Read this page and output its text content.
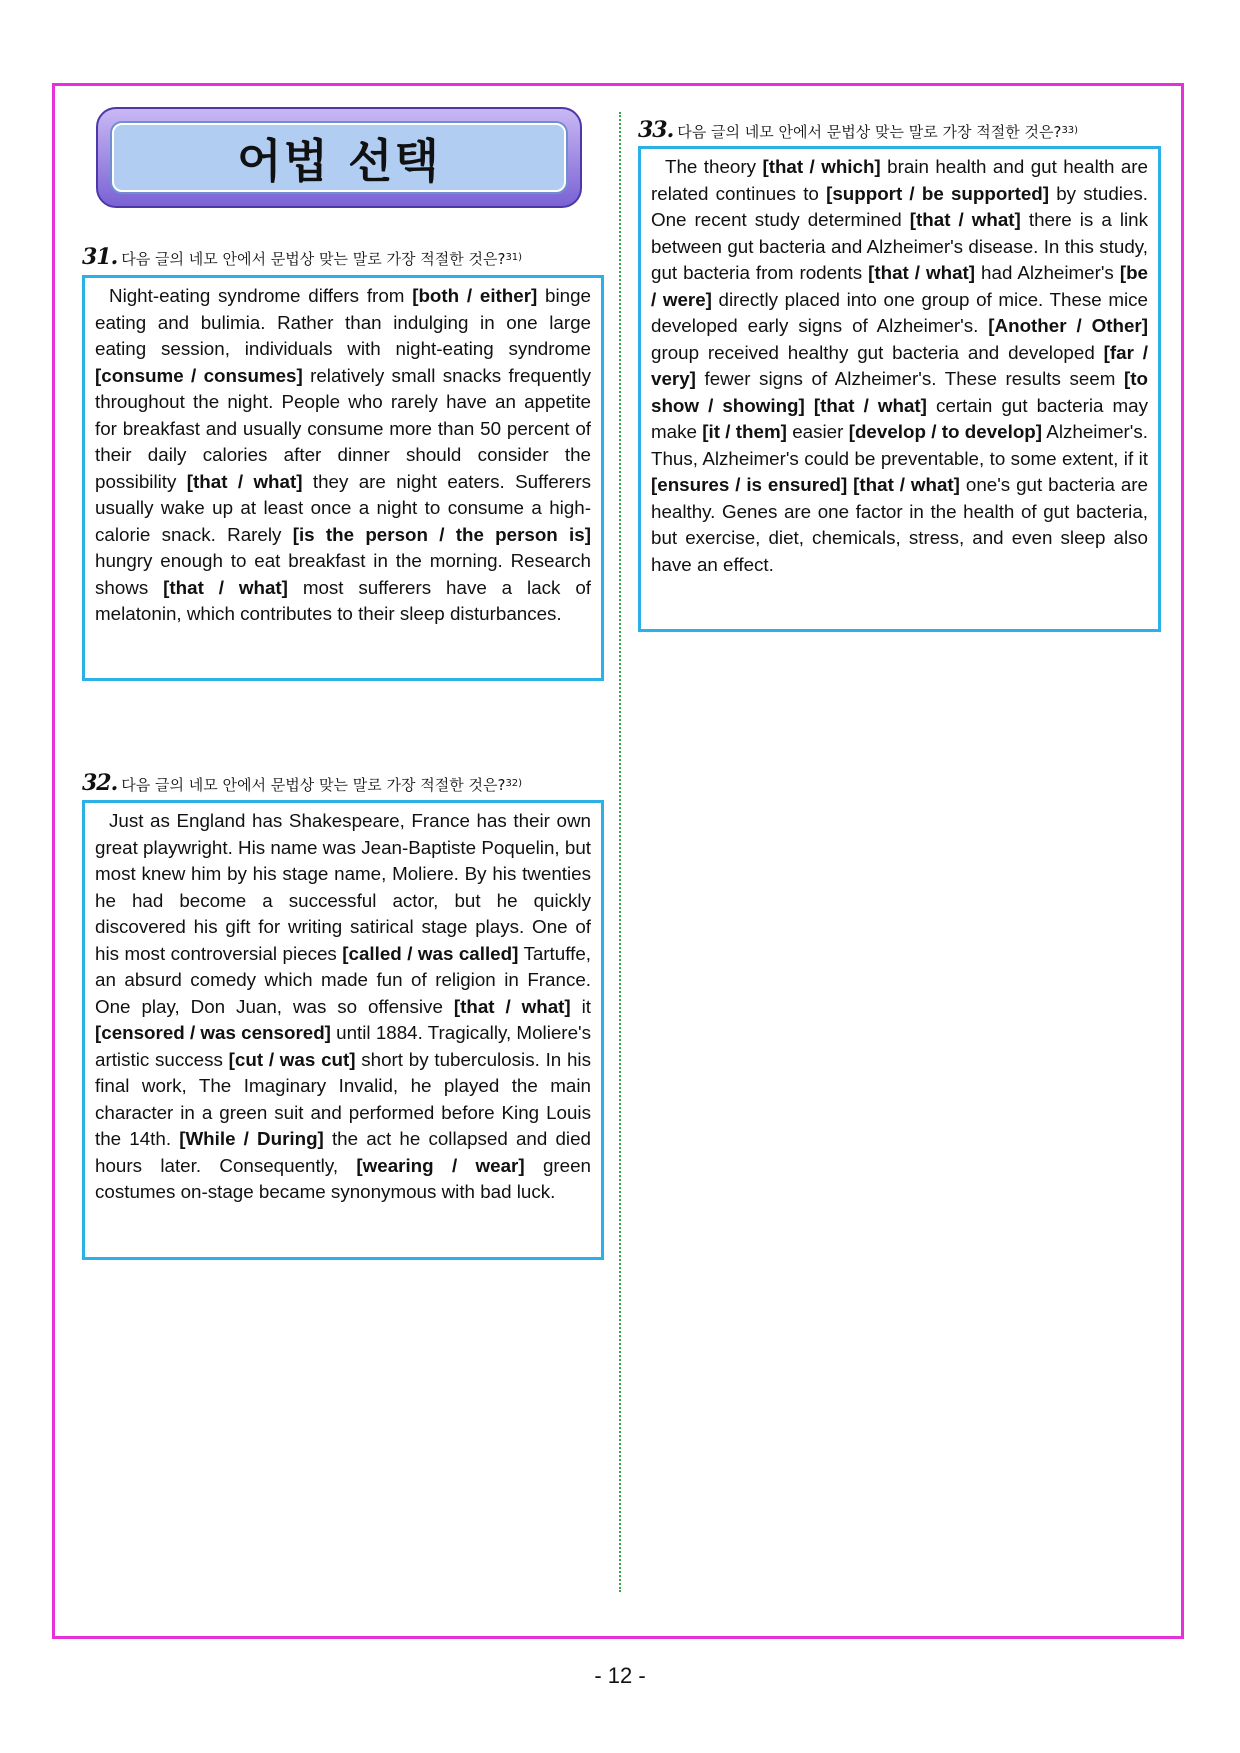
어법 선택
31. 다음 글의 네모 안에서 문법상 맞는 말로 가장 적절한 것은? 31)

Night-eating syndrome differs from [both / either] binge eating and bulimia. Rather than indulging in one large eating session, individuals with night-eating syndrome [consume / consumes] relatively small snacks frequently throughout the night. People who rarely have an appetite for breakfast and usually consume more than 50 percent of their daily calories after dinner should consider the possibility [that / what] they are night eaters. Sufferers usually wake up at least once a night to consume a high-calorie snack. Rarely [is the person / the person is] hungry enough to eat breakfast in the morning. Research shows [that / what] most sufferers have a lack of melatonin, which contributes to their sleep disturbances.

32. 다음 글의 네모 안에서 문법상 맞는 말로 가장 적절한 것은? 32)

Just as England has Shakespeare, France has their own great playwright. His name was Jean-Baptiste Poquelin, but most knew him by his stage name, Moliere. By his twenties he had become a successful actor, but he quickly discovered his gift for writing satirical stage plays. One of his most controversial pieces [called / was called] Tartuffe, an absurd comedy which made fun of religion in France. One play, Don Juan, was so offensive [that / what] it [censored / was censored] until 1884. Tragically, Moliere's artistic success [cut / was cut] short by tuberculosis. In his final work, The Imaginary Invalid, he played the main character in a green suit and performed before King Louis the 14th. [While / During] the act he collapsed and died hours later. Consequently, [wearing / wear] green costumes on-stage became synonymous with bad luck.

33. 다음 글의 네모 안에서 문법상 맞는 말로 가장 적절한 것은? 33)

The theory [that / which] brain health and gut health are related continues to [support / be supported] by studies. One recent study determined [that / what] there is a link between gut bacteria and Alzheimer's disease. In this study, gut bacteria from rodents [that / what] had Alzheimer's [be / were] directly placed into one group of mice. These mice developed early signs of Alzheimer's. [Another / Other] group received healthy gut bacteria and developed [far / very] fewer signs of Alzheimer's. These results seem [to show / showing] [that / what] certain gut bacteria may make [it / them] easier [develop / to develop] Alzheimer's. Thus, Alzheimer's could be preventable, to some extent, if it [ensures / is ensured] [that / what] one's gut bacteria are healthy. Genes are one factor in the health of gut bacteria, but exercise, diet, chemicals, stress, and even sleep also have an effect.

- 12 -
